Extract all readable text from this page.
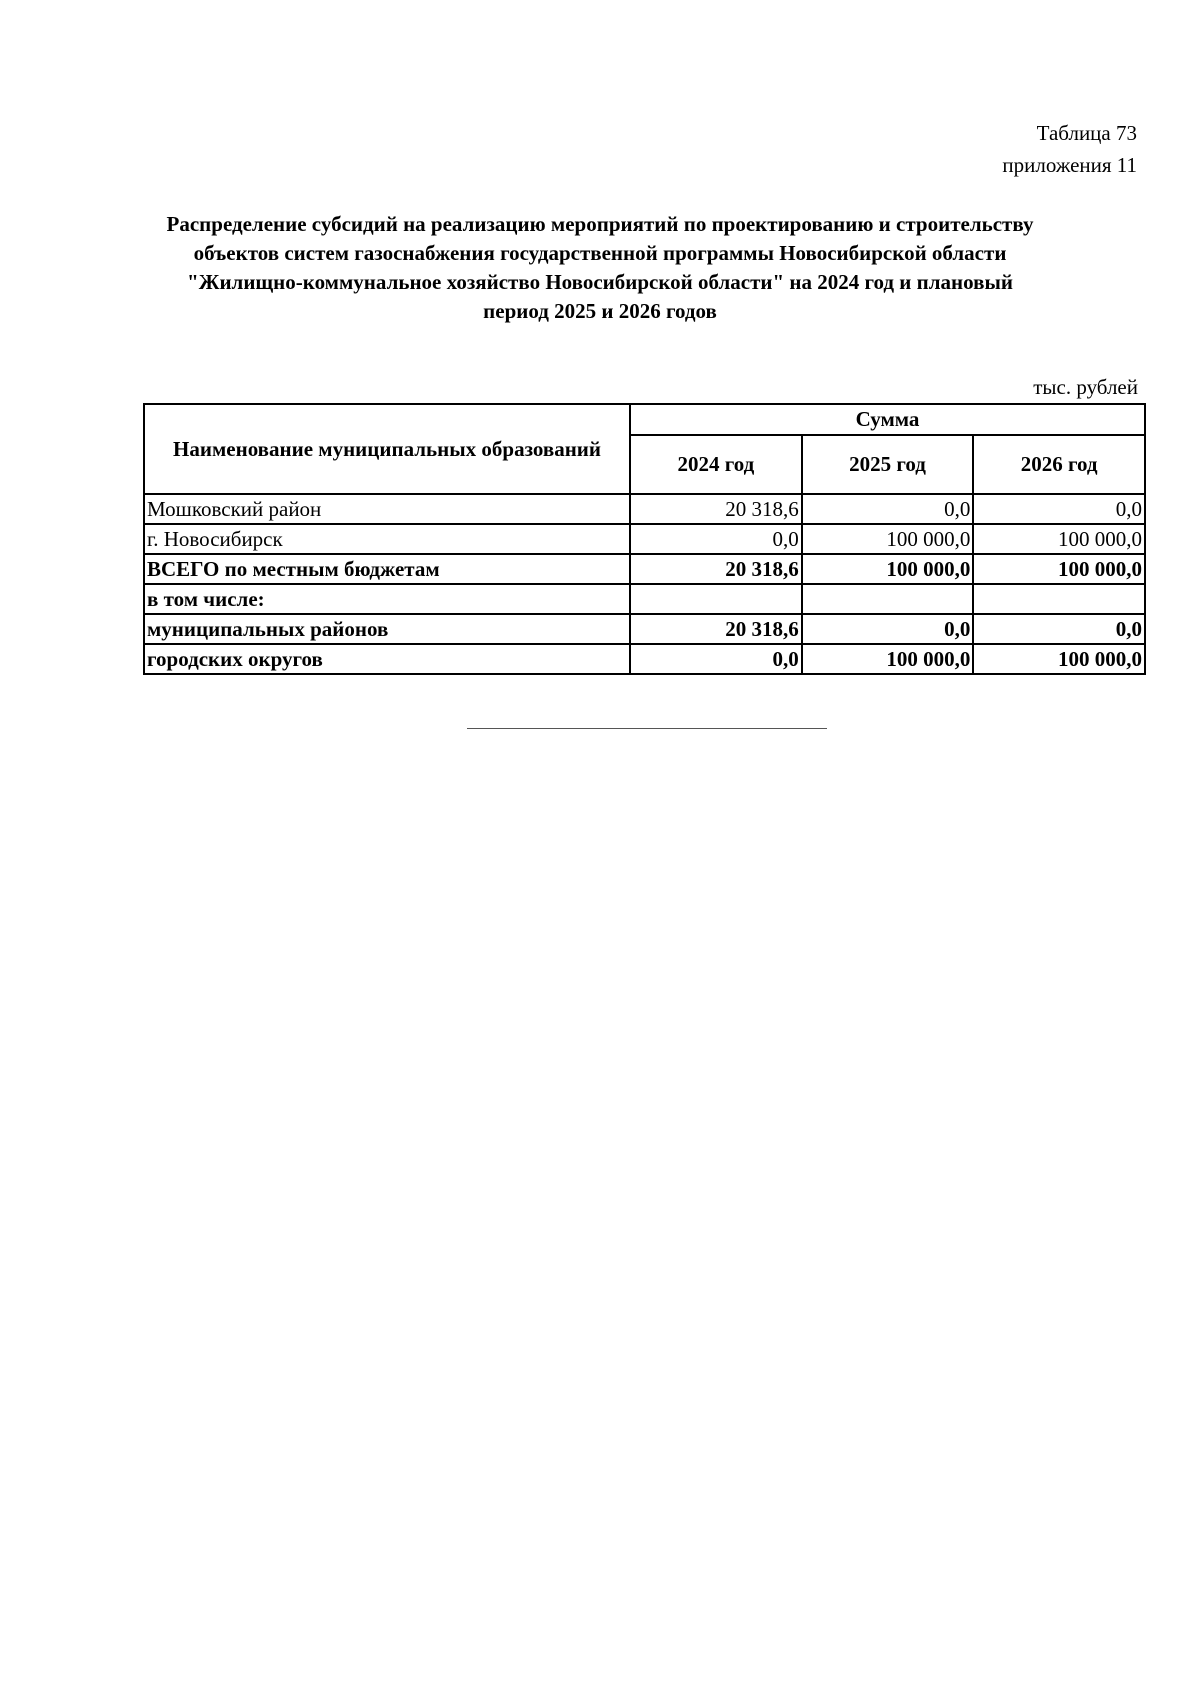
Таблица 73
приложения 11
Распределение субсидий на реализацию мероприятий по проектированию и строительству
объектов систем газоснабжения государственной программы Новосибирской области
"Жилищно-коммунальное хозяйство Новосибирской области" на 2024 год и плановый
период 2025 и 2026 годов
тыс. рублей
Наименование муниципальных образований	Сумма		
	2024 год	2025 год	2026 год
Мошковский район	20 318,6	0,0	0,0
г. Новосибирск	0,0	100 000,0	100 000,0
ВСЕГО по местным бюджетам	20 318,6	100 000,0	100 000,0
в том числе:			
муниципальных районов	20 318,6	0,0	0,0
городских округов	0,0	100 000,0	100 000,0
